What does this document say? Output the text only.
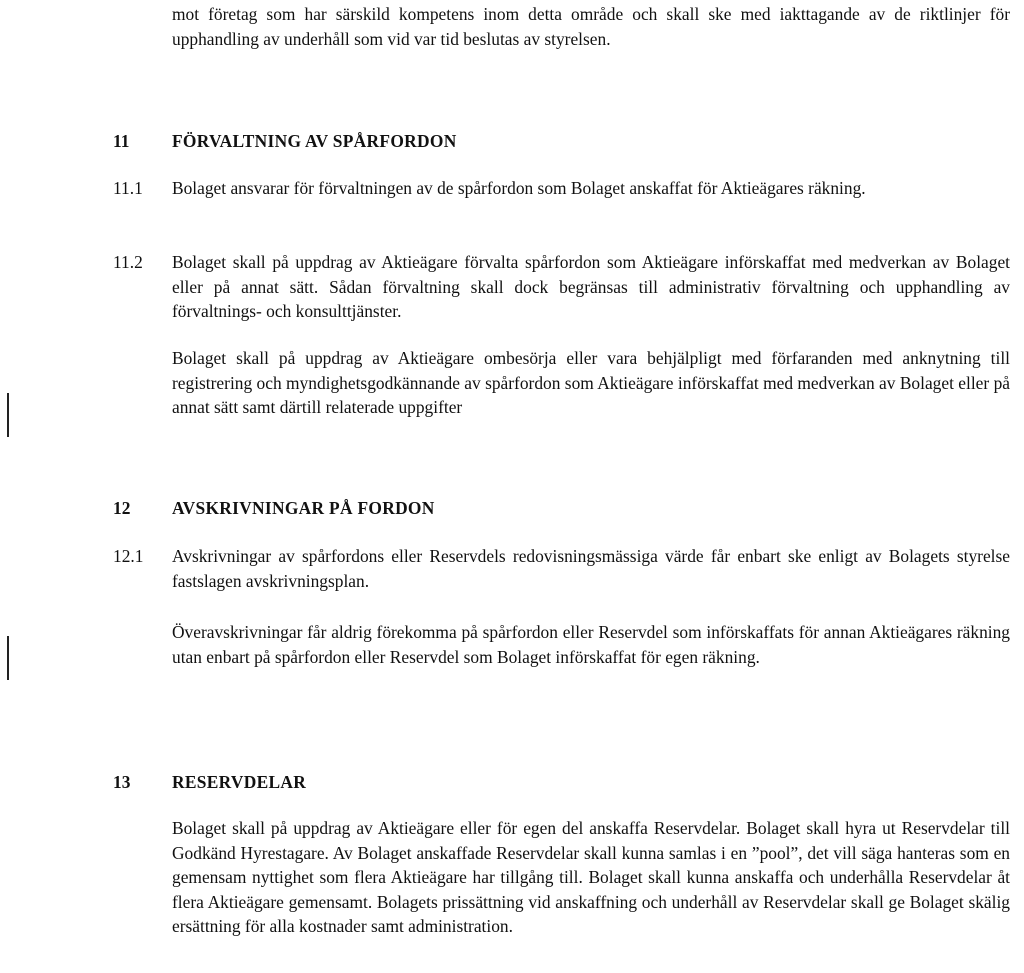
mot företag som har särskild kompetens inom detta område och skall ske med iakttagande av de riktlinjer för upphandling av underhåll som vid var tid beslutas av styrelsen.
11 FÖRVALTNING AV SPÅRFORDON
11.1 Bolaget ansvarar för förvaltningen av de spårfordon som Bolaget anskaffat för Aktieägares räkning.
11.2 Bolaget skall på uppdrag av Aktieägare förvalta spårfordon som Aktieägare införskaffat med medverkan av Bolaget eller på annat sätt. Sådan förvaltning skall dock begränsas till administrativ förvaltning och upphandling av förvaltnings- och konsulttjänster.
Bolaget skall på uppdrag av Aktieägare ombesörja eller vara behjälpligt med förfaranden med anknytning till registrering och myndighetsgodkännande av spårfordon som Aktieägare införskaffat med medverkan av Bolaget eller på annat sätt samt därtill relaterade uppgifter
12 AVSKRIVNINGAR PÅ FORDON
12.1 Avskrivningar av spårfordons eller Reservdels redovisningsmässiga värde får enbart ske enligt av Bolagets styrelse fastslagen avskrivningsplan.
Överavskrivningar får aldrig förekomma på spårfordon eller Reservdel som införskaffats för annan Aktieägares räkning utan enbart på spårfordon eller Reservdel som Bolaget införskaffat för egen räkning.
13 RESERVDELAR
Bolaget skall på uppdrag av Aktieägare eller för egen del anskaffa Reservdelar. Bolaget skall hyra ut Reservdelar till Godkänd Hyrestagare. Av Bolaget anskaffade Reservdelar skall kunna samlas i en ”pool”, det vill säga hanteras som en gemensam nyttighet som flera Aktieägare har tillgång till. Bolaget skall kunna anskaffa och underhålla Reservdelar åt flera Aktieägare gemensamt. Bolagets prissättning vid anskaffning och underhåll av Reservdelar skall ge Bolaget skälig ersättning för alla kostnader samt administration.
